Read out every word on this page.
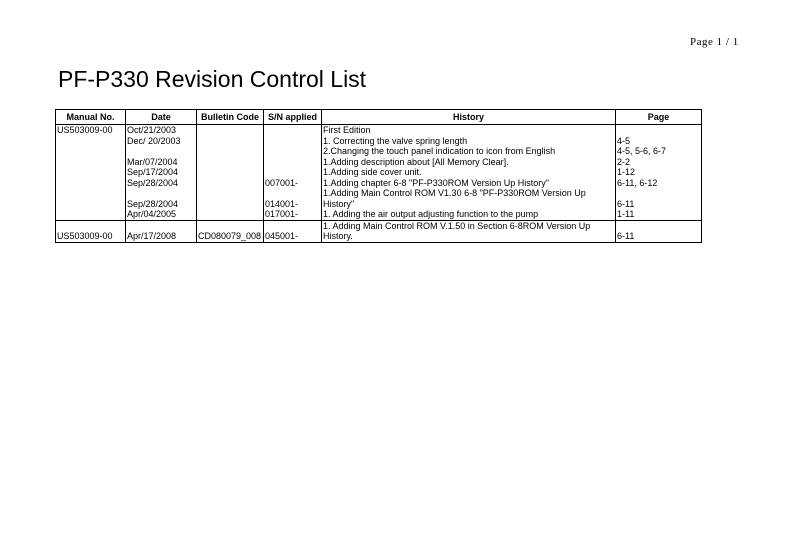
Page 1 / 1
PF-P330 Revision Control List
Manual No.	Date	Bulletin Code	S/N applied	History	Page
US503009-00	Oct/21/2003			First Edition	
	Dec/ 20/2003			1. Correcting the valve spring length	4-5
				2.Changing the touch panel indication to icon from English	4-5, 5-6, 6-7
	Mar/07/2004			1.Adding description about [All Memory Clear].	2-2
	Sep/17/2004			1.Adding side cover unit.	1-12
	Sep/28/2004		007001-	1.Adding chapter 6-8 "PF-P330ROM Version Up History"	6-11, 6-12
				1.Adding Main Control ROM V1.30 6-8 "PF-P330ROM Version Up	
	Sep/28/2004		014001-	History"	6-11
	Apr/04/2005		017001-	1. Adding the air output adjusting function to the pump	1-11
				1. Adding Main Control ROM V.1.50 in Section 6-8ROM Version Up	
US503009-00	Apr/17/2008	CD080079_008	045001-	History.	6-11
